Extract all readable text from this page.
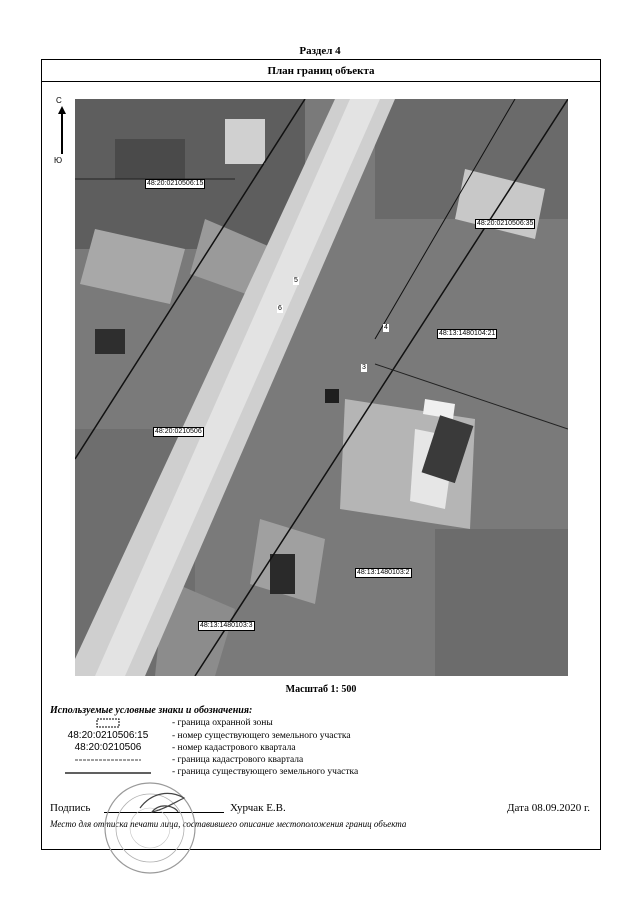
Раздел 4
План границ объекта
С
Ю
48:20:0210506:15
48:20:0210506:35
48:13:1480104:21
48:20:0210506
48:13:1480103:2
48:13:1480103:3
5
6
4
3
Масштаб 1: 500
Используемые условные знаки и обозначения:
- граница охранной зоны
48:20:0210506:15	- номер существующего земельного участка
48:20:0210506	- номер кадастрового квартала
- граница кадастрового квартала
- граница существующего земельного участка
Подпись	Хурчак Е.В.	Дата 08.09.2020 г.
Место для оттиска печати лица, составившего описание местоположения границ объекта
